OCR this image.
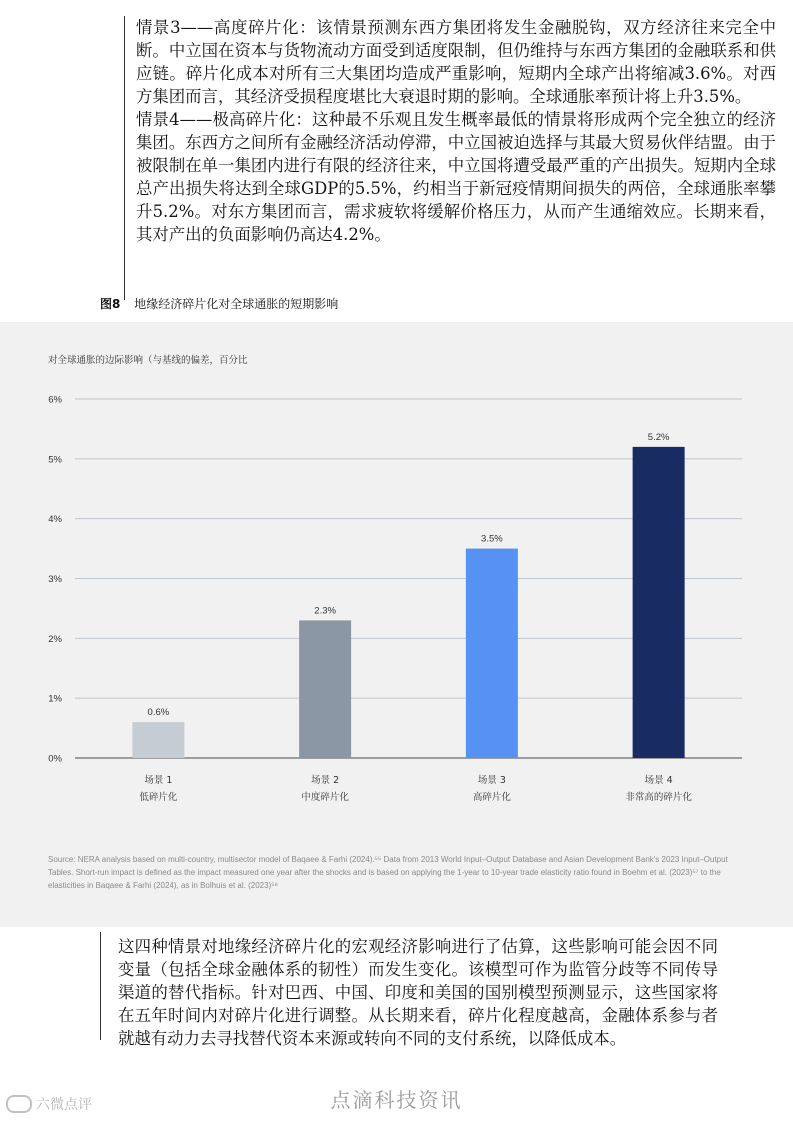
情景3——高度碎片化：该情景预测东西方集团将发生金融脱钩，双方经济往来完全中断。中立国在资本与货物流动方面受到适度限制，但仍维持与东西方集团的金融联系和供应链。碎片化成本对所有三大集团均造成严重影响，短期内全球产出将缩减3.6%。对西方集团而言，其经济受损程度堪比大衰退时期的影响。全球通胀率预计将上升3.5%。

情景4——极高碎片化：这种最不乐观且发生概率最低的情景将形成两个完全独立的经济集团。东西方之间所有金融经济活动停滞，中立国被迫选择与其最大贸易伙伴结盟。由于被限制在单一集团内进行有限的经济往来，中立国将遭受最严重的产出损失。短期内全球总产出损失将达到全球GDP的5.5%，约相当于新冠疫情期间损失的两倍，全球通胀率攀升5.2%。对东方集团而言，需求疲软将缓解价格压力，从而产生通缩效应。长期来看，其对产出的负面影响仍高达4.2%。

图8 地缘经济碎片化对全球通胀的短期影响
对全球通胀的边际影响（与基线的偏差，百分比
0%
1%
2%
3%
4%
5%
6%
0.6%
场景 1
低碎片化
2.3%
场景 2
中度碎片化
3.5%
场景 3
高碎片化
5.2%
场景 4
非常高的碎片化
Source: NERA analysis based on multi-country, multisector model of Baqaee & Farhi (2024).⁵⁵ Data from 2013 World Input–Output Database and Asian Development Bank's 2023 Input–Output Tables. Short-run impact is defined as the impact measured one year after the shocks and is based on applying the 1-year to 10-year trade elasticity ratio found in Boehm et al. (2023)⁵⁷ to the elasticities in Baqaee & Farhi (2024), as in Bolhuis et al. (2023)⁵⁸

这四种情景对地缘经济碎片化的宏观经济影响进行了估算，这些影响可能会因不同变量（包括全球金融体系的韧性）而发生变化。该模型可作为监管分歧等不同传导渠道的替代指标。针对巴西、中国、印度和美国的国别模型预测显示，这些国家将在五年时间内对碎片化进行调整。从长期来看，碎片化程度越高，金融体系参与者就越有动力去寻找替代资本来源或转向不同的支付系统，以降低成本。

六微点评	点滴科技资讯
